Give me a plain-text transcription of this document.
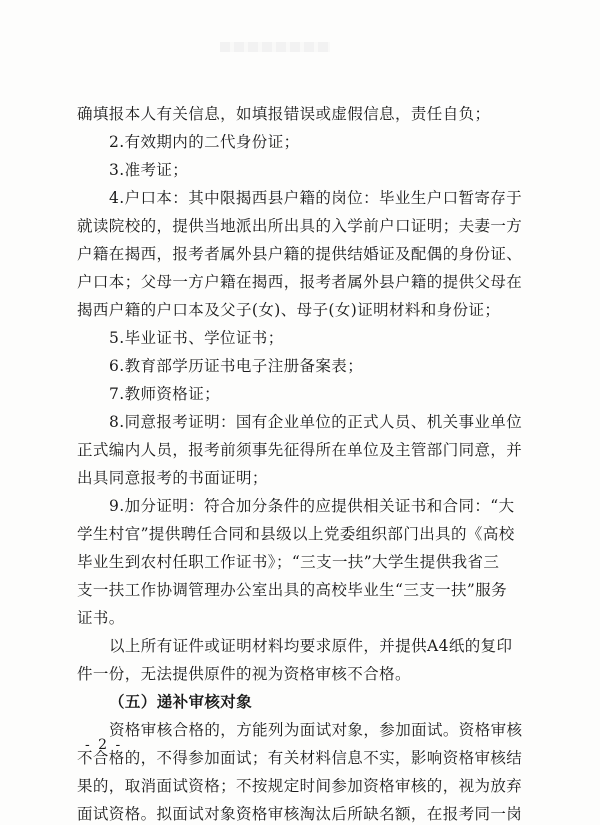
确填报本人有关信息，如填报错误或虚假信息，责任自负；
2.有效期内的二代身份证；
3.准考证；
4.户口本：其中限揭西县户籍的岗位：毕业生户口暂寄存于
就读院校的，提供当地派出所出具的入学前户口证明；夫妻一方
户籍在揭西，报考者属外县户籍的提供结婚证及配偶的身份证、
户口本；父母一方户籍在揭西，报考者属外县户籍的提供父母在
揭西户籍的户口本及父子(女)、母子(女)证明材料和身份证；
5.毕业证书、学位证书；
6.教育部学历证书电子注册备案表；
7.教师资格证；
8.同意报考证明：国有企业单位的正式人员、机关事业单位
正式编内人员，报考前须事先征得所在单位及主管部门同意，并
出具同意报考的书面证明；
9.加分证明：符合加分条件的应提供相关证书和合同：“大
学生村官”提供聘任合同和县级以上党委组织部门出具的《高校
毕业生到农村任职工作证书》；“三支一扶”大学生提供我省三
支一扶工作协调管理办公室出具的高校毕业生“三支一扶”服务
证书。
以上所有证件或证明材料均要求原件，并提供A4纸的复印
件一份，无法提供原件的视为资格审核不合格。
（五）递补审核对象
资格审核合格的，方能列为面试对象，参加面试。资格审核
不合格的，不得参加面试；有关材料信息不实，影响资格审核结
果的，取消面试资格；不按规定时间参加资格审核的，视为放弃
面试资格。拟面试对象资格审核淘汰后所缺名额，在报考同一岗
- 2 -
